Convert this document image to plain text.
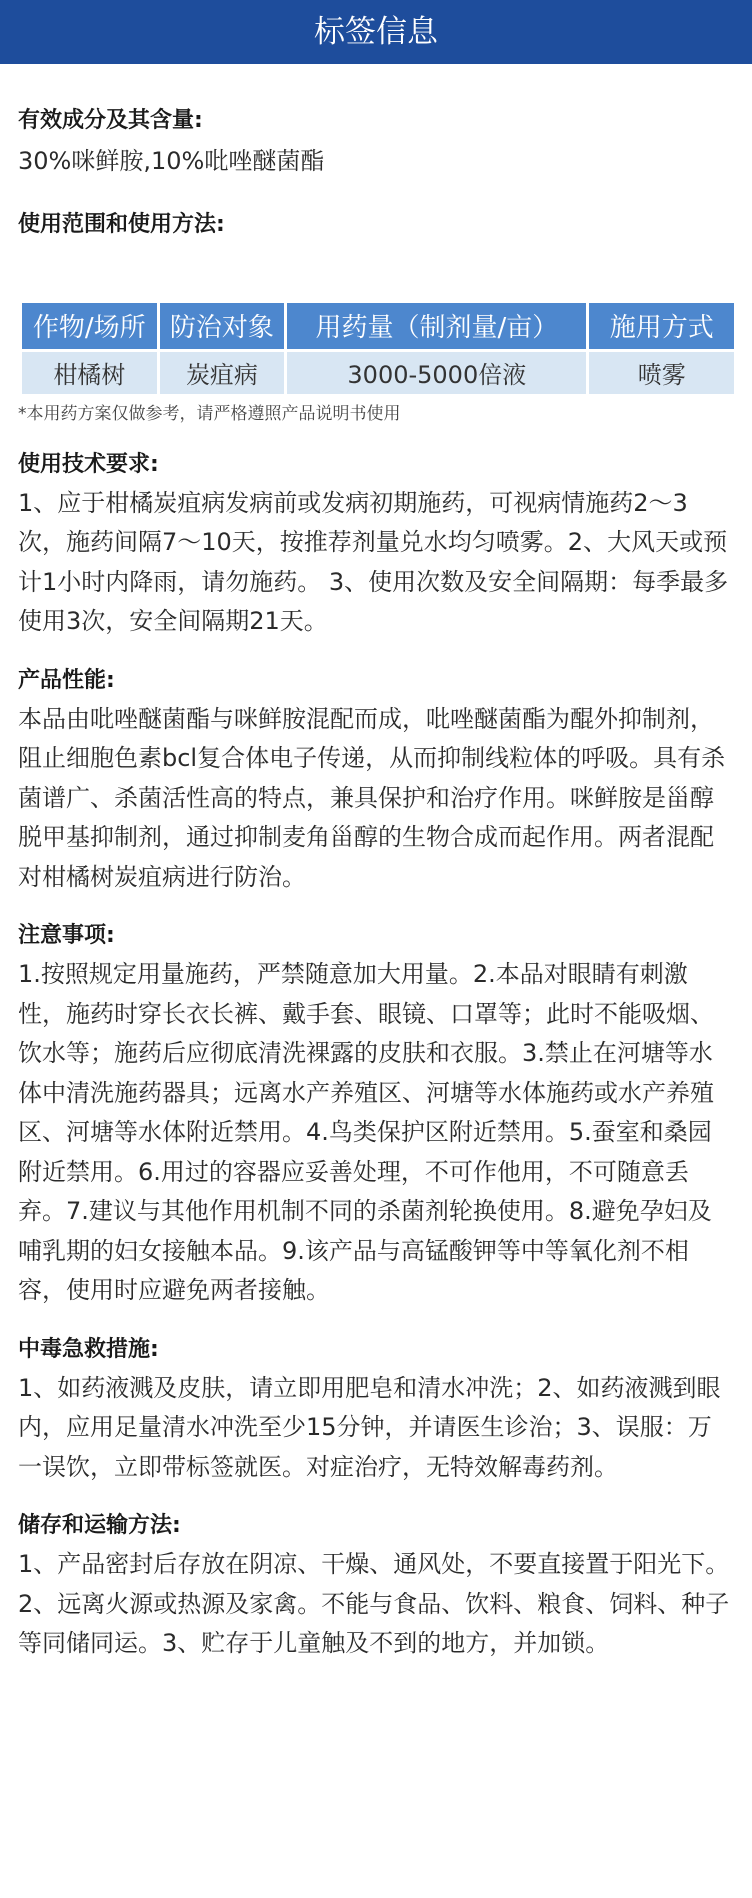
标签信息
有效成分及其含量:
30%咪鲜胺,10%吡唑醚菌酯
使用范围和使用方法:
作物/场所	防治对象	用药量（制剂量/亩）	施用方式
柑橘树	炭疽病	3000-5000倍液	喷雾
*本用药方案仅做参考，请严格遵照产品说明书使用
使用技术要求:
1、应于柑橘炭疽病发病前或发病初期施药，可视病情施药2～3次，施药间隔7～10天，按推荐剂量兑水均匀喷雾。2、大风天或预计1小时内降雨，请勿施药。 3、使用次数及安全间隔期：每季最多使用3次，安全间隔期21天。
产品性能:
本品由吡唑醚菌酯与咪鲜胺混配而成，吡唑醚菌酯为醌外抑制剂，阻止细胞色素bcl复合体电子传递，从而抑制线粒体的呼吸。具有杀菌谱广、杀菌活性高的特点，兼具保护和治疗作用。咪鲜胺是甾醇脱甲基抑制剂，通过抑制麦角甾醇的生物合成而起作用。两者混配对柑橘树炭疽病进行防治。
注意事项:
1.按照规定用量施药，严禁随意加大用量。2.本品对眼睛有刺激性，施药时穿长衣长裤、戴手套、眼镜、口罩等；此时不能吸烟、饮水等；施药后应彻底清洗裸露的皮肤和衣服。3.禁止在河塘等水体中清洗施药器具；远离水产养殖区、河塘等水体施药或水产养殖区、河塘等水体附近禁用。4.鸟类保护区附近禁用。5.蚕室和桑园附近禁用。6.用过的容器应妥善处理，不可作他用，不可随意丢弃。7.建议与其他作用机制不同的杀菌剂轮换使用。8.避免孕妇及哺乳期的妇女接触本品。9.该产品与高锰酸钾等中等氧化剂不相容，使用时应避免两者接触。
中毒急救措施:
1、如药液溅及皮肤，请立即用肥皂和清水冲洗；2、如药液溅到眼内，应用足量清水冲洗至少15分钟，并请医生诊治；3、误服：万一误饮，立即带标签就医。对症治疗，无特效解毒药剂。
储存和运输方法:
1、产品密封后存放在阴凉、干燥、通风处，不要直接置于阳光下。 2、远离火源或热源及家禽。不能与食品、饮料、粮食、饲料、种子等同储同运。3、贮存于儿童触及不到的地方，并加锁。
